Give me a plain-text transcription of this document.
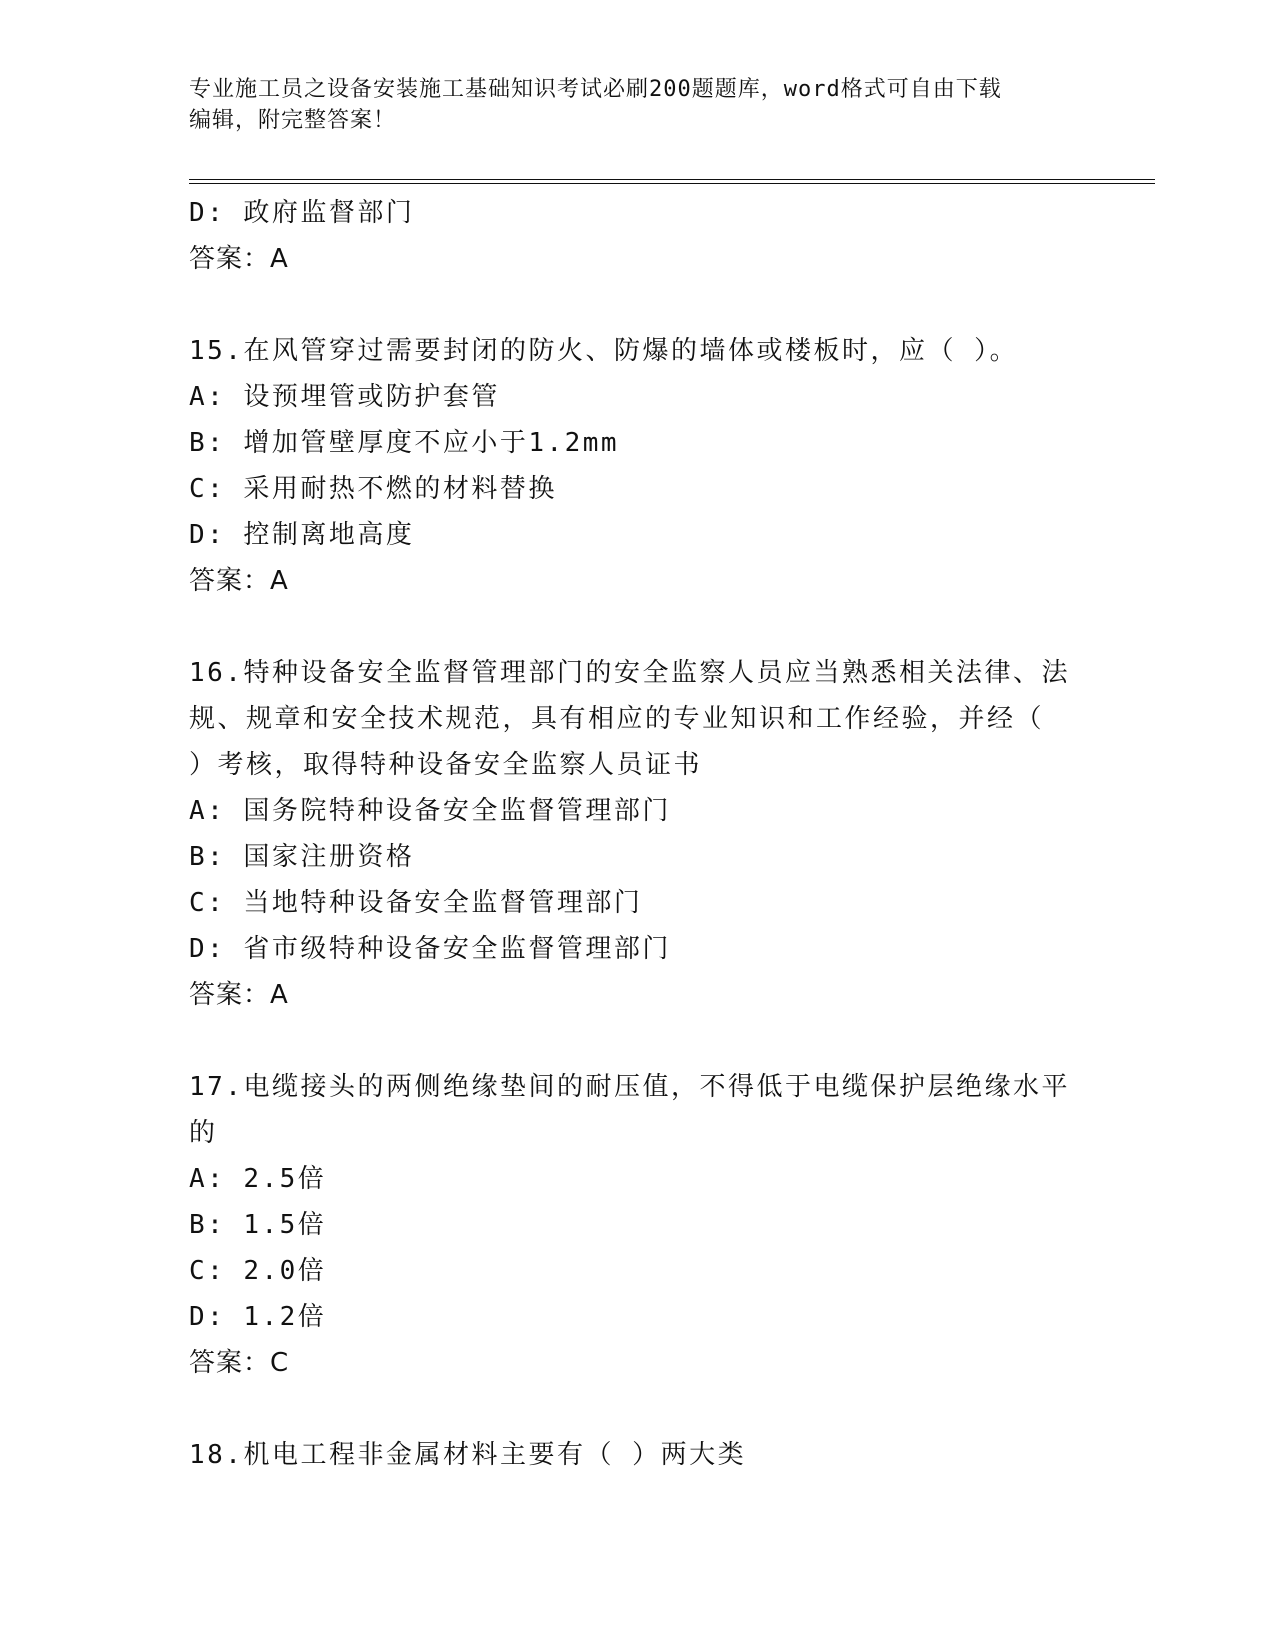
专业施工员之设备安装施工基础知识考试必刷200题题库，word格式可自由下载
编辑，附完整答案！
D: 政府监督部门
答案：A
15.在风管穿过需要封闭的防火、防爆的墙体或楼板时，应（ ）。
A: 设预埋管或防护套管
B: 增加管壁厚度不应小于1.2mm
C: 采用耐热不燃的材料替换
D: 控制离地高度
答案：A
16.特种设备安全监督管理部门的安全监察人员应当熟悉相关法律、法
规、规章和安全技术规范，具有相应的专业知识和工作经验，并经（
）考核，取得特种设备安全监察人员证书
A: 国务院特种设备安全监督管理部门
B: 国家注册资格
C: 当地特种设备安全监督管理部门
D: 省市级特种设备安全监督管理部门
答案：A
17.电缆接头的两侧绝缘垫间的耐压值，不得低于电缆保护层绝缘水平
的
A: 2.5倍
B: 1.5倍
C: 2.0倍
D: 1.2倍
答案：C
18.机电工程非金属材料主要有（ ）两大类
